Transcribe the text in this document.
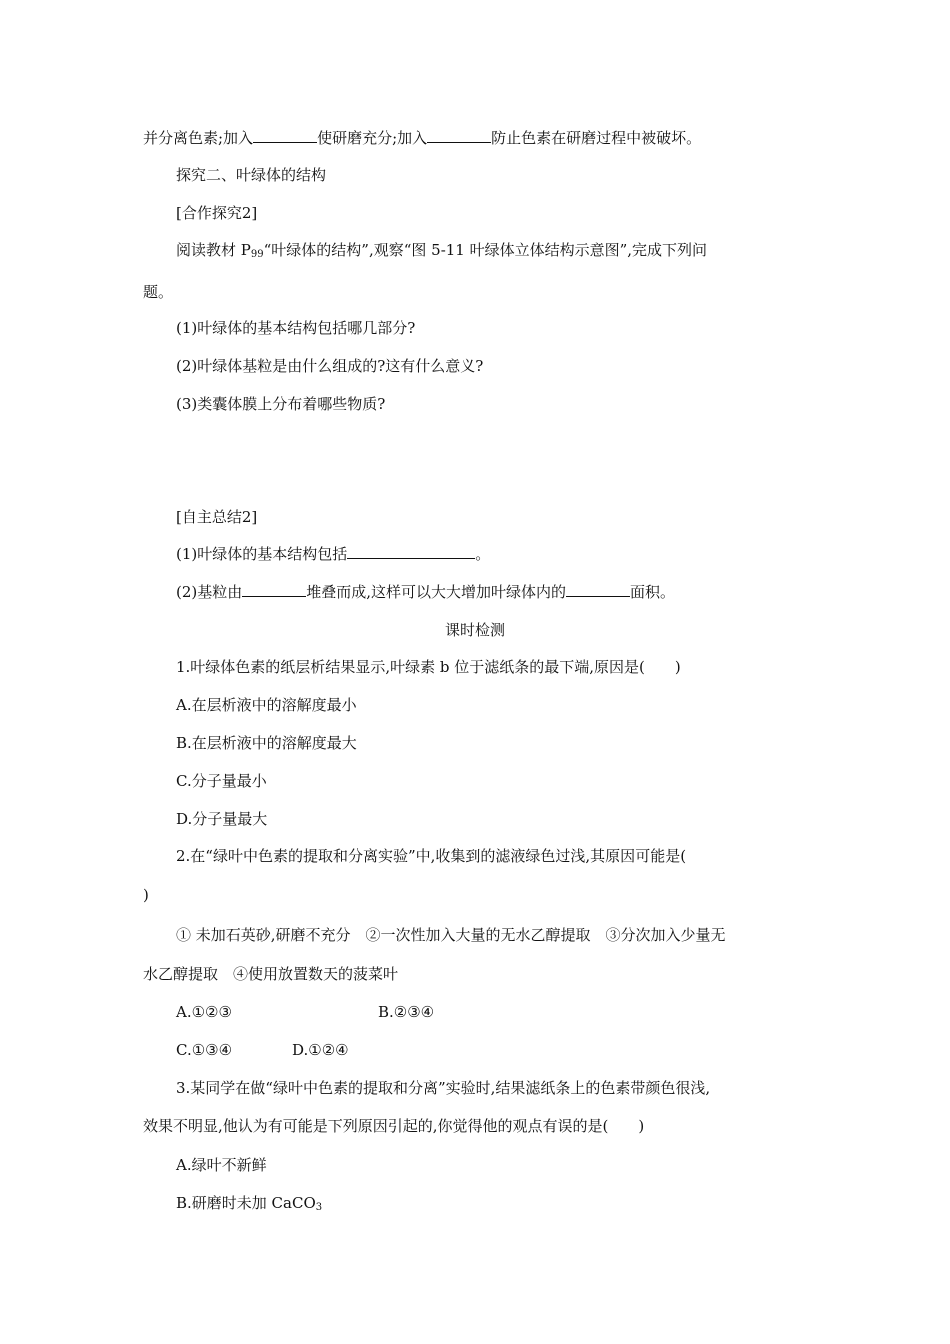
并分离色素;加入	使研磨充分;加入	防止色素在研磨过程中被破坏。
探究二、叶绿体的结构
[合作探究2]
阅读教材 $P_{99}“$叶绿体的结构”,观察“图 5-11 叶绿体立体结构示意图”,完成下列问
题。
(1)叶绿体的基本结构包括哪几部分?
(2)叶绿体基粒是由什么组成的?这有什么意义?
(3)类囊体膜上分布着哪些物质?
[自主总结2]
(1)叶绿体的基本结构包括	。
(2)基粒由	堆叠而成,这样可以大大增加叶绿体内的	面积。
课时检测
1.叶绿体色素的纸层析结果显示,叶绿素 b 位于滤纸条的最下端,原因是(　　)
A.在层析液中的溶解度最小
B.在层析液中的溶解度最大
C.分子量最小
D.分子量最大
2.在“绿叶中色素的提取和分离实验”中,收集到的滤液绿色过浅,其原因可能是(
)
① 未加石英砂,研磨不充分　②一次性加入大量的无水乙醇提取　③分次加入少量无
水乙醇提取　④使用放置数天的菠菜叶
A.①②③	B.②③④
C.①③④	D.①②④
3.某同学在做“绿叶中色素的提取和分离”实验时,结果滤纸条上的色素带颜色很浅,
效果不明显,他认为有可能是下列原因引起的,你觉得他的观点有误的是(　　)
A.绿叶不新鲜
B.研磨时未加 CaCO$_3$
